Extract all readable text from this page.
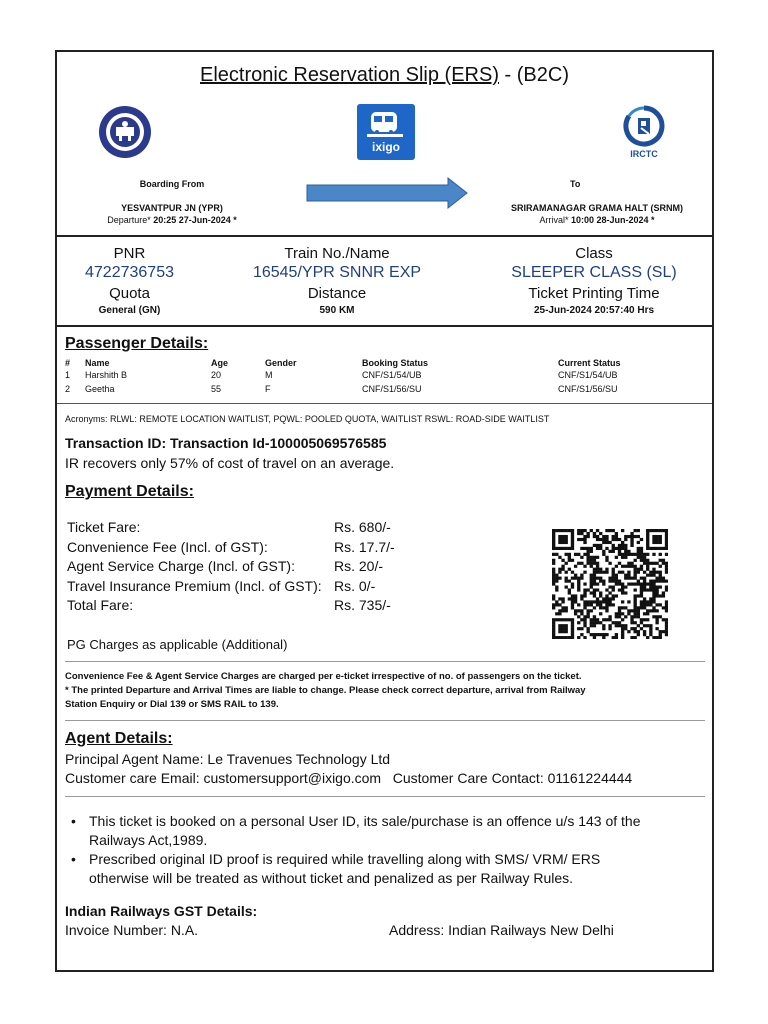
Electronic Reservation Slip (ERS) - (B2C)
ixigo	IRCTC
Boarding From
YESVANTPUR JN (YPR)
Departure* 20:25 27-Jun-2024 *
To
SRIRAMANAGAR GRAMA HALT (SRNM)
Arrival* 10:00 28-Jun-2024 *
PNR
4722736753
Train No./Name
16545/YPR SNNR EXP
Class
SLEEPER CLASS (SL)
Quota
General (GN)
Distance
590 KM
Ticket Printing Time
25-Jun-2024 20:57:40 Hrs
Passenger Details:
# Name	Age	Gender	Booking Status	Current Status
1 Harshith B	20	M	CNF/S1/54/UB	CNF/S1/54/UB
2 Geetha	55	F	CNF/S1/56/SU	CNF/S1/56/SU
Acronyms: RLWL: REMOTE LOCATION WAITLIST, PQWL: POOLED QUOTA, WAITLIST RSWL: ROAD-SIDE WAITLIST
Transaction ID: Transaction Id-100005069576585
IR recovers only 57% of cost of travel on an average.
Payment Details:
Ticket Fare:	Rs. 680/-
Convenience Fee (Incl. of GST):	Rs. 17.7/-
Agent Service Charge (Incl. of GST):	Rs. 20/-
Travel Insurance Premium (Incl. of GST): Rs. 0/-
Total Fare:	Rs. 735/-
PG Charges as applicable (Additional)
Convenience Fee & Agent Service Charges are charged per e-ticket irrespective of no. of passengers on the ticket.
* The printed Departure and Arrival Times are liable to change. Please check correct departure, arrival from Railway
Station Enquiry or Dial 139 or SMS RAIL to 139.
Agent Details:
Principal Agent Name: Le Travenues Technology Ltd
Customer care Email: customersupport@ixigo.com Customer Care Contact: 01161224444
• This ticket is booked on a personal User ID, its sale/purchase is an offence u/s 143 of the
Railways Act,1989.
• Prescribed original ID proof is required while travelling along with SMS/ VRM/ ERS
otherwise will be treated as without ticket and penalized as per Railway Rules.
Indian Railways GST Details:
Invoice Number: N.A.	Address: Indian Railways New Delhi
